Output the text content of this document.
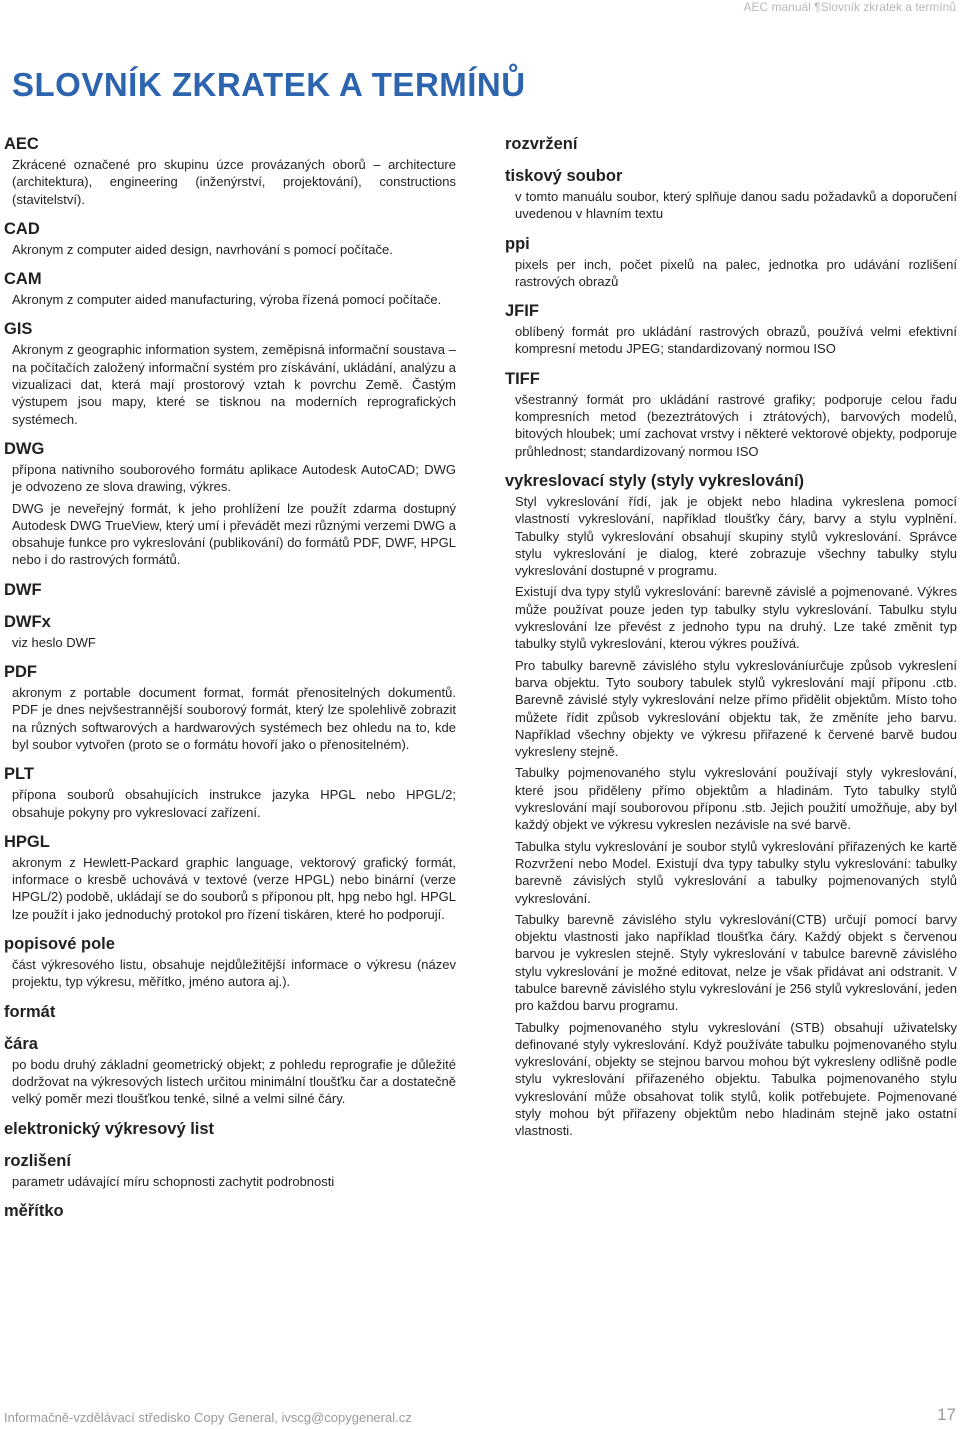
AEC manuál ¶Slovník zkratek a termínů
SLOVNÍK ZKRATEK A TERMÍNŮ
AEC

Zkrácené označené pro skupinu úzce provázaných oborů – architecture (architektura), engineering (inženýrství, projektování), constructions (stavitelství).

CAD

Akronym z computer aided design, navrhování s pomocí počítače.

CAM

Akronym z computer aided manufacturing, výroba řízená pomocí počítače.

GIS

Akronym z geographic information system, zeměpisná informační soustava – na počítačích založený informační systém pro získávání, ukládání, analýzu a vizualizaci dat, která mají prostorový vztah k povrchu Země. Častým výstupem jsou mapy, které se tisknou na moderních reprografických systémech.

DWG

přípona nativního souborového formátu aplikace Autodesk AutoCAD; DWG je odvozeno ze slova drawing, výkres.

DWG je neveřejný formát, k jeho prohlížení lze použít zdarma dostupný Autodesk DWG TrueView, který umí i převádět mezi různými verzemi DWG a obsahuje funkce pro vykreslování (publikování) do formátů PDF, DWF, HPGL nebo i do rastrových formátů.

DWF
DWFx

viz heslo DWF

PDF

akronym z portable document format, formát přenositelných dokumentů. PDF je dnes nejvšestrannější souborový formát, který lze spolehlivě zobrazit na různých softwarových a hardwarových systémech bez ohledu na to, kde byl soubor vytvořen (proto se o formátu hovoří jako o přenositelném).

PLT

přípona souborů obsahujících instrukce jazyka HPGL nebo HPGL/2; obsahuje pokyny pro vykreslovací zařízení.

HPGL

akronym z Hewlett-Packard graphic language, vektorový grafický formát, informace o kresbě uchovává v textové (verze HPGL) nebo binární (verze HPGL/2) podobě, ukládají se do souborů s příponou plt, hpg nebo hgl. HPGL lze použít i jako jednoduchý protokol pro řízení tiskáren, které ho podporují.

popisové pole

část výkresového listu, obsahuje nejdůležitější informace o výkresu (název projektu, typ výkresu, měřítko, jméno autora aj.).

formát
čára

po bodu druhý základní geometrický objekt; z pohledu reprografie je důležité dodržovat na výkresových listech určitou minimální tloušťku čar a dostatečně velký poměr mezi tloušťkou tenké, silné a velmi silné čáry.

elektronický výkresový list
rozlišení

parametr udávající míru schopnosti zachytit podrobnosti

měřítko
rozvržení
tiskový soubor

v tomto manuálu soubor, který splňuje danou sadu požadavků a doporučení uvedenou v hlavním textu

ppi

pixels per inch, počet pixelů na palec, jednotka pro udávání rozlišení rastrových obrazů

JFIF

oblíbený formát pro ukládání rastrových obrazů, používá velmi efektivní kompresní metodu JPEG; standardizovaný normou ISO

TIFF

všestranný formát pro ukládání rastrové grafiky; podporuje celou řadu kompresních metod (bezeztrátových i ztrátových), barvových modelů, bitových hloubek; umí zachovat vrstvy i některé vektorové objekty, podporuje průhlednost; standardizovaný normou ISO

vykreslovací styly (styly vykreslování)

Styl vykreslování řídí, jak je objekt nebo hladina vykreslena pomocí vlastností vykreslování, například tloušťky čáry, barvy a stylu vyplnění. Tabulky stylů vykreslování obsahují skupiny stylů vykreslování. Správce stylu vykreslování je dialog, které zobrazuje všechny tabulky stylu vykreslování dostupné v programu.

Existují dva typy stylů vykreslování: barevně závislé a pojmenované. Výkres může používat pouze jeden typ tabulky stylu vykreslování. Tabulku stylu vykreslování lze převést z jednoho typu na druhý. Lze také změnit typ tabulky stylů vykreslování, kterou výkres používá.

Pro tabulky barevně závislého stylu vykreslováníurčuje způsob vykreslení barva objektu. Tyto soubory tabulek stylů vykreslování mají příponu .ctb. Barevně závislé styly vykreslování nelze přímo přidělit objektům. Místo toho můžete řídit způsob vykreslování objektu tak, že změníte jeho barvu. Například všechny objekty ve výkresu přiřazené k červené barvě budou vykresleny stejně.

Tabulky pojmenovaného stylu vykreslování používají styly vykreslování, které jsou přiděleny přímo objektům a hladinám. Tyto tabulky stylů vykreslování mají souborovou příponu .stb. Jejich použití umožňuje, aby byl každý objekt ve výkresu vykreslen nezávisle na své barvě.

Tabulka stylu vykreslování je soubor stylů vykreslování přiřazených ke kartě Rozvržení nebo Model. Existují dva typy tabulky stylu vykreslování: tabulky barevně závislých stylů vykreslování a tabulky pojmenovaných stylů vykreslování.

Tabulky barevně závislého stylu vykreslování(CTB) určují pomocí barvy objektu vlastnosti jako například tloušťka čáry. Každý objekt s červenou barvou je vykreslen stejně. Styly vykreslování v tabulce barevně závislého stylu vykreslování je možné editovat, nelze je však přidávat ani odstranit. V tabulce barevně závislého stylu vykreslování je 256 stylů vykreslování, jeden pro každou barvu programu.

Tabulky pojmenovaného stylu vykreslování (STB) obsahují uživatelsky definované styly vykreslování. Když používáte tabulku pojmenovaného stylu vykreslování, objekty se stejnou barvou mohou být vykresleny odlišně podle stylu vykreslování přiřazeného objektu. Tabulka pojmenovaného stylu vykreslování může obsahovat tolik stylů, kolik potřebujete. Pojmenované styly mohou být přiřazeny objektům nebo hladinám stejně jako ostatní vlastnosti.

Informačně-vzdělávací středisko Copy General, ivscg@copygeneral.cz	17
